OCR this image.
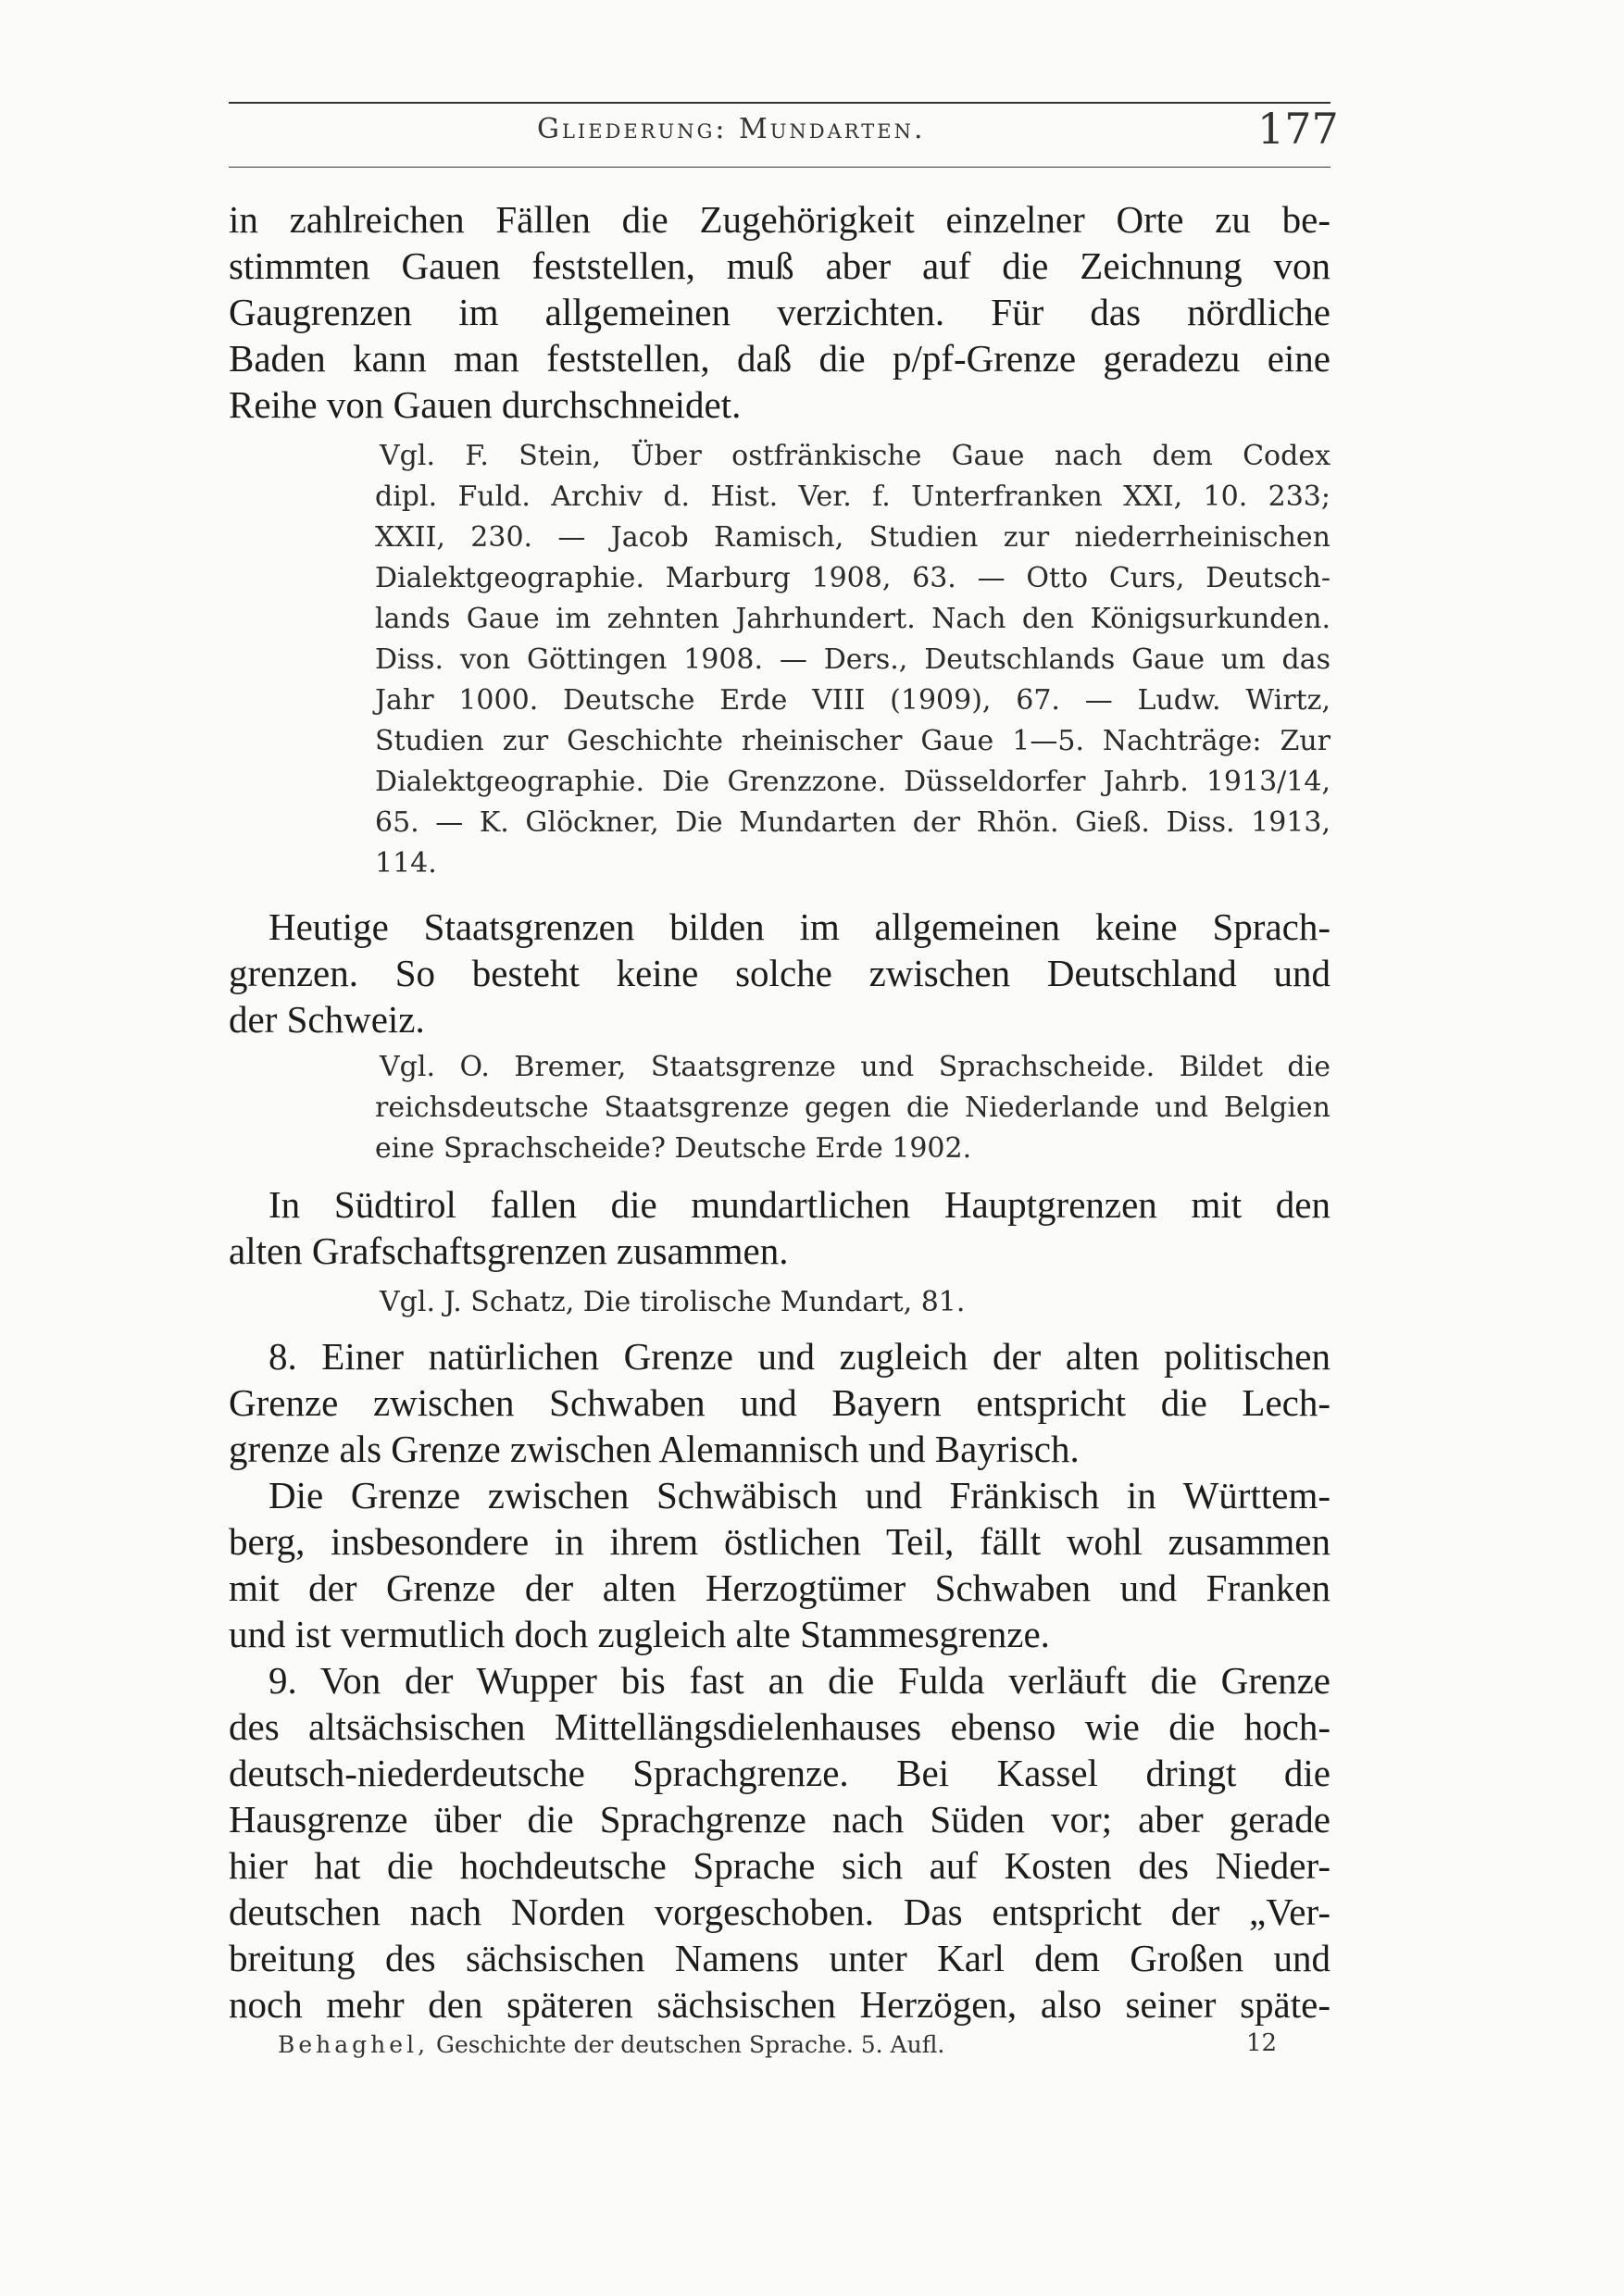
Gliederung: Mundarten.	177
in zahlreichen Fällen die Zugehörigkeit einzelner Orte zu be-
stimmten Gauen feststellen, muß aber auf die Zeichnung von
Gaugrenzen im allgemeinen verzichten. Für das nördliche
Baden kann man feststellen, daß die p/pf-Grenze geradezu eine
Reihe von Gauen durchschneidet.
Vgl. F. Stein, Über ostfränkische Gaue nach dem Codex
dipl. Fuld. Archiv d. Hist. Ver. f. Unterfranken XXI, 10. 233;
XXII, 230. — Jacob Ramisch, Studien zur niederrheinischen
Dialektgeographie. Marburg 1908, 63. — Otto Curs, Deutsch-
lands Gaue im zehnten Jahrhundert. Nach den Königsurkunden.
Diss. von Göttingen 1908. — Ders., Deutschlands Gaue um das
Jahr 1000. Deutsche Erde VIII (1909), 67. — Ludw. Wirtz,
Studien zur Geschichte rheinischer Gaue 1—5. Nachträge: Zur
Dialektgeographie. Die Grenzzone. Düsseldorfer Jahrb. 1913/14,
65. — K. Glöckner, Die Mundarten der Rhön. Gieß. Diss. 1913,
114.
Heutige Staatsgrenzen bilden im allgemeinen keine Sprach-
grenzen. So besteht keine solche zwischen Deutschland und
der Schweiz.
Vgl. O. Bremer, Staatsgrenze und Sprachscheide. Bildet die
reichsdeutsche Staatsgrenze gegen die Niederlande und Belgien
eine Sprachscheide? Deutsche Erde 1902.
In Südtirol fallen die mundartlichen Hauptgrenzen mit den
alten Grafschaftsgrenzen zusammen.
Vgl. J. Schatz, Die tirolische Mundart, 81.
8. Einer natürlichen Grenze und zugleich der alten politischen
Grenze zwischen Schwaben und Bayern entspricht die Lech-
grenze als Grenze zwischen Alemannisch und Bayrisch.
Die Grenze zwischen Schwäbisch und Fränkisch in Württem-
berg, insbesondere in ihrem östlichen Teil, fällt wohl zusammen
mit der Grenze der alten Herzogtümer Schwaben und Franken
und ist vermutlich doch zugleich alte Stammesgrenze.
9. Von der Wupper bis fast an die Fulda verläuft die Grenze
des altsächsischen Mittellängsdielenhauses ebenso wie die hoch-
deutsch-niederdeutsche Sprachgrenze. Bei Kassel dringt die
Hausgrenze über die Sprachgrenze nach Süden vor; aber gerade
hier hat die hochdeutsche Sprache sich auf Kosten des Nieder-
deutschen nach Norden vorgeschoben. Das entspricht der „Ver-
breitung des sächsischen Namens unter Karl dem Großen und
noch mehr den späteren sächsischen Herzögen, also seiner späte-
Behaghel, Geschichte der deutschen Sprache. 5. Aufl.	12
